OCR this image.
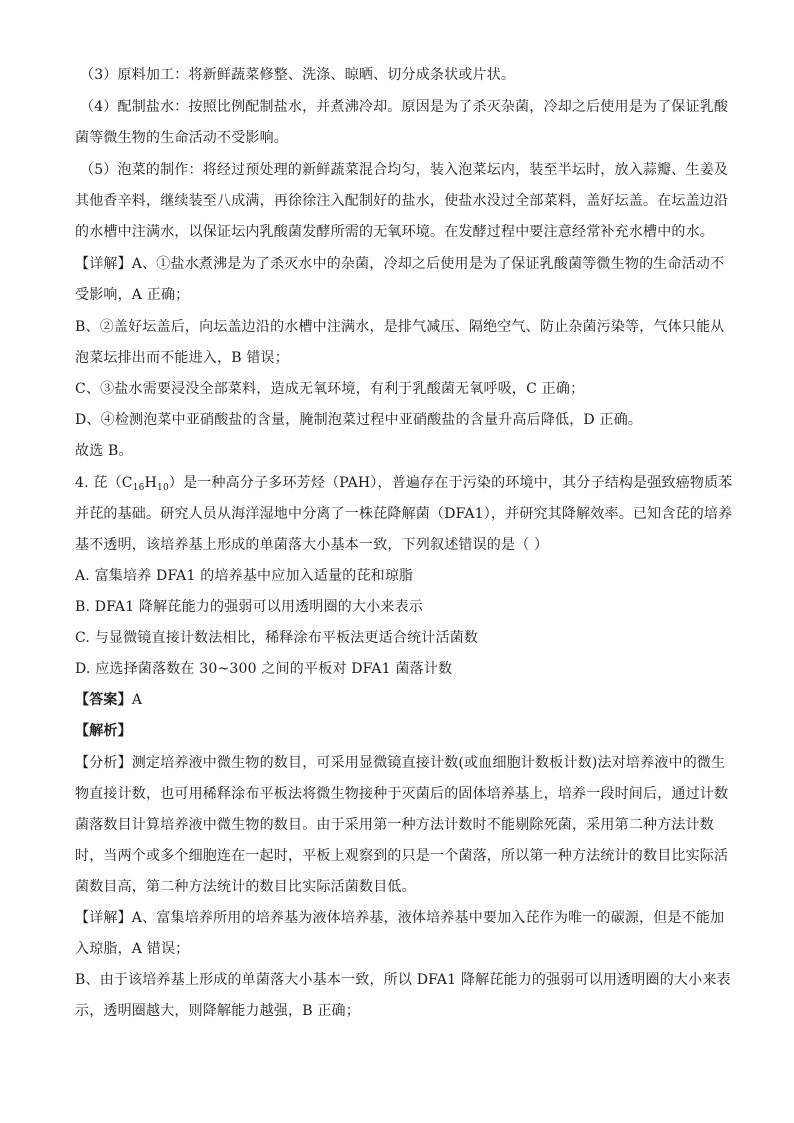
（3）原料加工：将新鲜蔬菜修整、洗涤、晾晒、切分成条状或片状。
（4）配制盐水：按照比例配制盐水，并煮沸冷却。原因是为了杀灭杂菌，冷却之后使用是为了保证乳酸
菌等微生物的生命活动不受影响。
（5）泡菜的制作：将经过预处理的新鲜蔬菜混合均匀，装入泡菜坛内，装至半坛时，放入蒜瓣、生姜及
其他香辛料，继续装至八成满，再徐徐注入配制好的盐水，使盐水没过全部菜料，盖好坛盖。在坛盖边沿
的水槽中注满水，以保证坛内乳酸菌发酵所需的无氧环境。在发酵过程中要注意经常补充水槽中的水。
【详解】A、①盐水煮沸是为了杀灭水中的杂菌，冷却之后使用是为了保证乳酸菌等微生物的生命活动不
受影响，A 正确；
B、②盖好坛盖后，向坛盖边沿的水槽中注满水，是排气减压、隔绝空气、防止杂菌污染等，气体只能从
泡菜坛排出而不能进入，B 错误；
C、③盐水需要浸没全部菜料，造成无氧环境，有利于乳酸菌无氧呼吸，C 正确；
D、④检测泡菜中亚硝酸盐的含量，腌制泡菜过程中亚硝酸盐的含量升高后降低，D 正确。
故选 B。
4. 芘$(C_{16}H_{10})$是一种高分子多环芳烃（PAH），普遍存在于污染的环境中，其分子结构是强致癌物质苯
并芘的基础。研究人员从海洋湿地中分离了一株芘降解菌（DFA1），并研究其降解效率。已知含芘的培养
基不透明，该培养基上形成的单菌落大小基本一致，下列叙述错误的是（ ）
A. 富集培养 DFA1 的培养基中应加入适量的芘和琼脂
B. DFA1 降解芘能力的强弱可以用透明圈的大小来表示
C. 与显微镜直接计数法相比，稀释涂布平板法更适合统计活菌数
D. 应选择菌落数在 30~300 之间的平板对 DFA1 菌落计数
【答案】A
【解析】
【分析】测定培养液中微生物的数目，可采用显微镜直接计数(或血细胞计数板计数)法对培养液中的微生
物直接计数，也可用稀释涂布平板法将微生物接种于灭菌后的固体培养基上，培养一段时间后，通过计数
菌落数目计算培养液中微生物的数目。由于采用第一种方法计数时不能剔除死菌，采用第二种方法计数
时，当两个或多个细胞连在一起时，平板上观察到的只是一个菌落，所以第一种方法统计的数目比实际活
菌数目高，第二种方法统计的数目比实际活菌数目低。
【详解】A、富集培养所用的培养基为液体培养基，液体培养基中要加入芘作为唯一的碳源，但是不能加
入琼脂，A 错误；
B、由于该培养基上形成的单菌落大小基本一致，所以 DFA1 降解芘能力的强弱可以用透明圈的大小来表
示，透明圈越大，则降解能力越强，B 正确；
